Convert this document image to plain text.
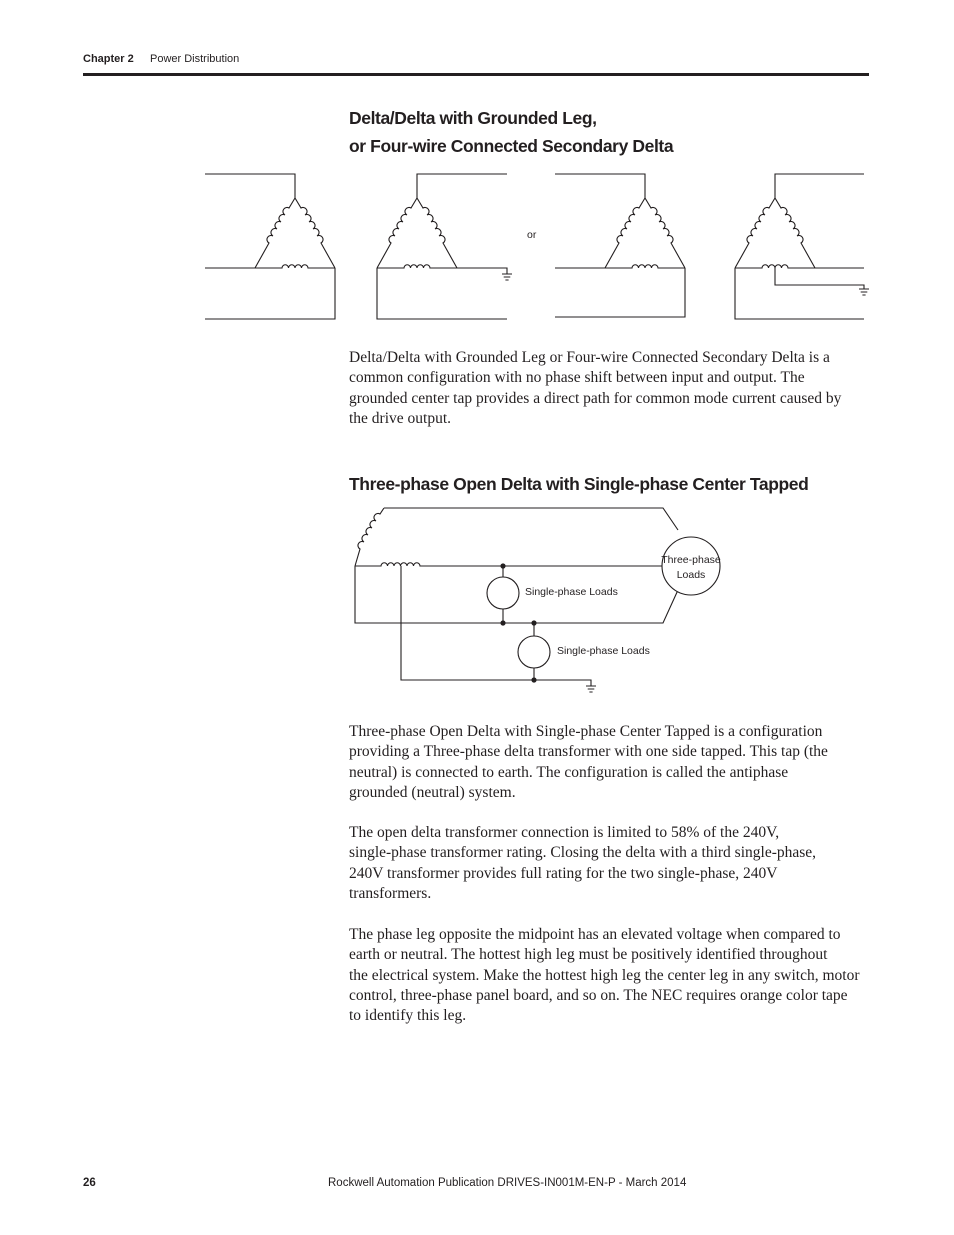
Chapter 2 Power Distribution
Delta/Delta with Grounded Leg,
or Four-wire Connected Secondary Delta
or

Delta/Delta with Grounded Leg or Four-wire Connected Secondary Delta is a
common configuration with no phase shift between input and output. The
grounded center tap provides a direct path for common mode current caused by
the drive output.

Three-phase Open Delta with Single-phase Center Tapped
Three-phase
Loads
Single-phase Loads
Single-phase Loads

Three-phase Open Delta with Single-phase Center Tapped is a configuration
providing a Three-phase delta transformer with one side tapped. This tap (the
neutral) is connected to earth. The configuration is called the antiphase
grounded (neutral) system.

The open delta transformer connection is limited to 58% of the 240V,
single-phase transformer rating. Closing the delta with a third single-phase,
240V transformer provides full rating for the two single-phase, 240V
transformers.

The phase leg opposite the midpoint has an elevated voltage when compared to
earth or neutral. The hottest high leg must be positively identified throughout
the electrical system. Make the hottest high leg the center leg in any switch, motor
control, three-phase panel board, and so on. The NEC requires orange color tape
to identify this leg.

26	Rockwell Automation Publication DRIVES-IN001M-EN-P - March 2014
